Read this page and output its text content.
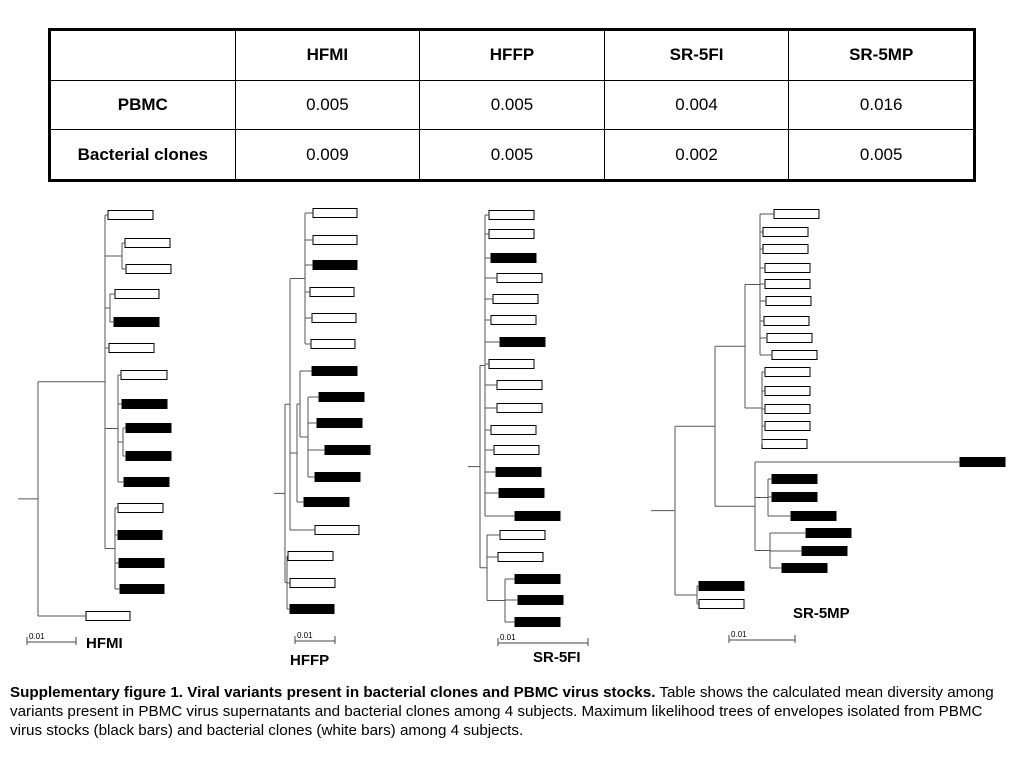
	HFMI	HFFP	SR-5FI	SR-5MP
PBMC	0.005	0.005	0.004	0.016
Bacterial clones	0.009	0.005	0.002	0.005
0.01	HFMI	0.01
HFFP
0.01
SR-5FI
0.01
SR-5MP
Supplementary figure 1. Viral variants present in bacterial clones and PBMC virus stocks. Table shows the calculated mean diversity among variants present in PBMC virus supernatants and bacterial clones among 4 subjects. Maximum likelihood trees of envelopes isolated from PBMC virus stocks (black bars) and bacterial clones (white bars) among 4 subjects.
